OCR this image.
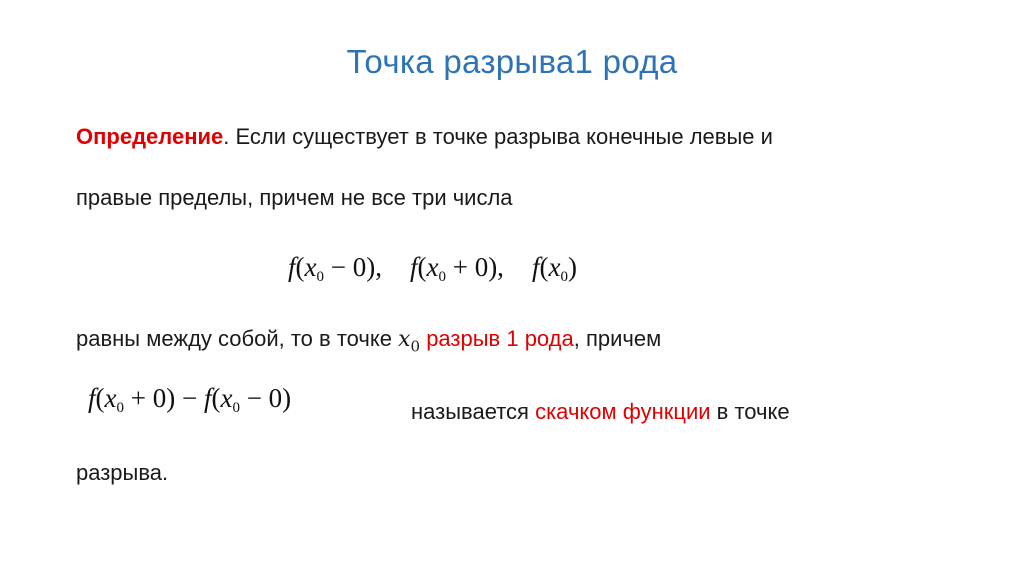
Точка разрыва1 рода
Определение. Если существует в точке разрыва конечные левые и
правые пределы, причем не все три числа
$f(x_0 - 0)$, $f(x_0 + 0)$, $f(x_0)$
равны между собой, то в точке $x_0$ разрыв 1 рода, причем
$f(x_0 + 0) - f(x_0 - 0)$	называется скачком функции в точке
разрыва.
